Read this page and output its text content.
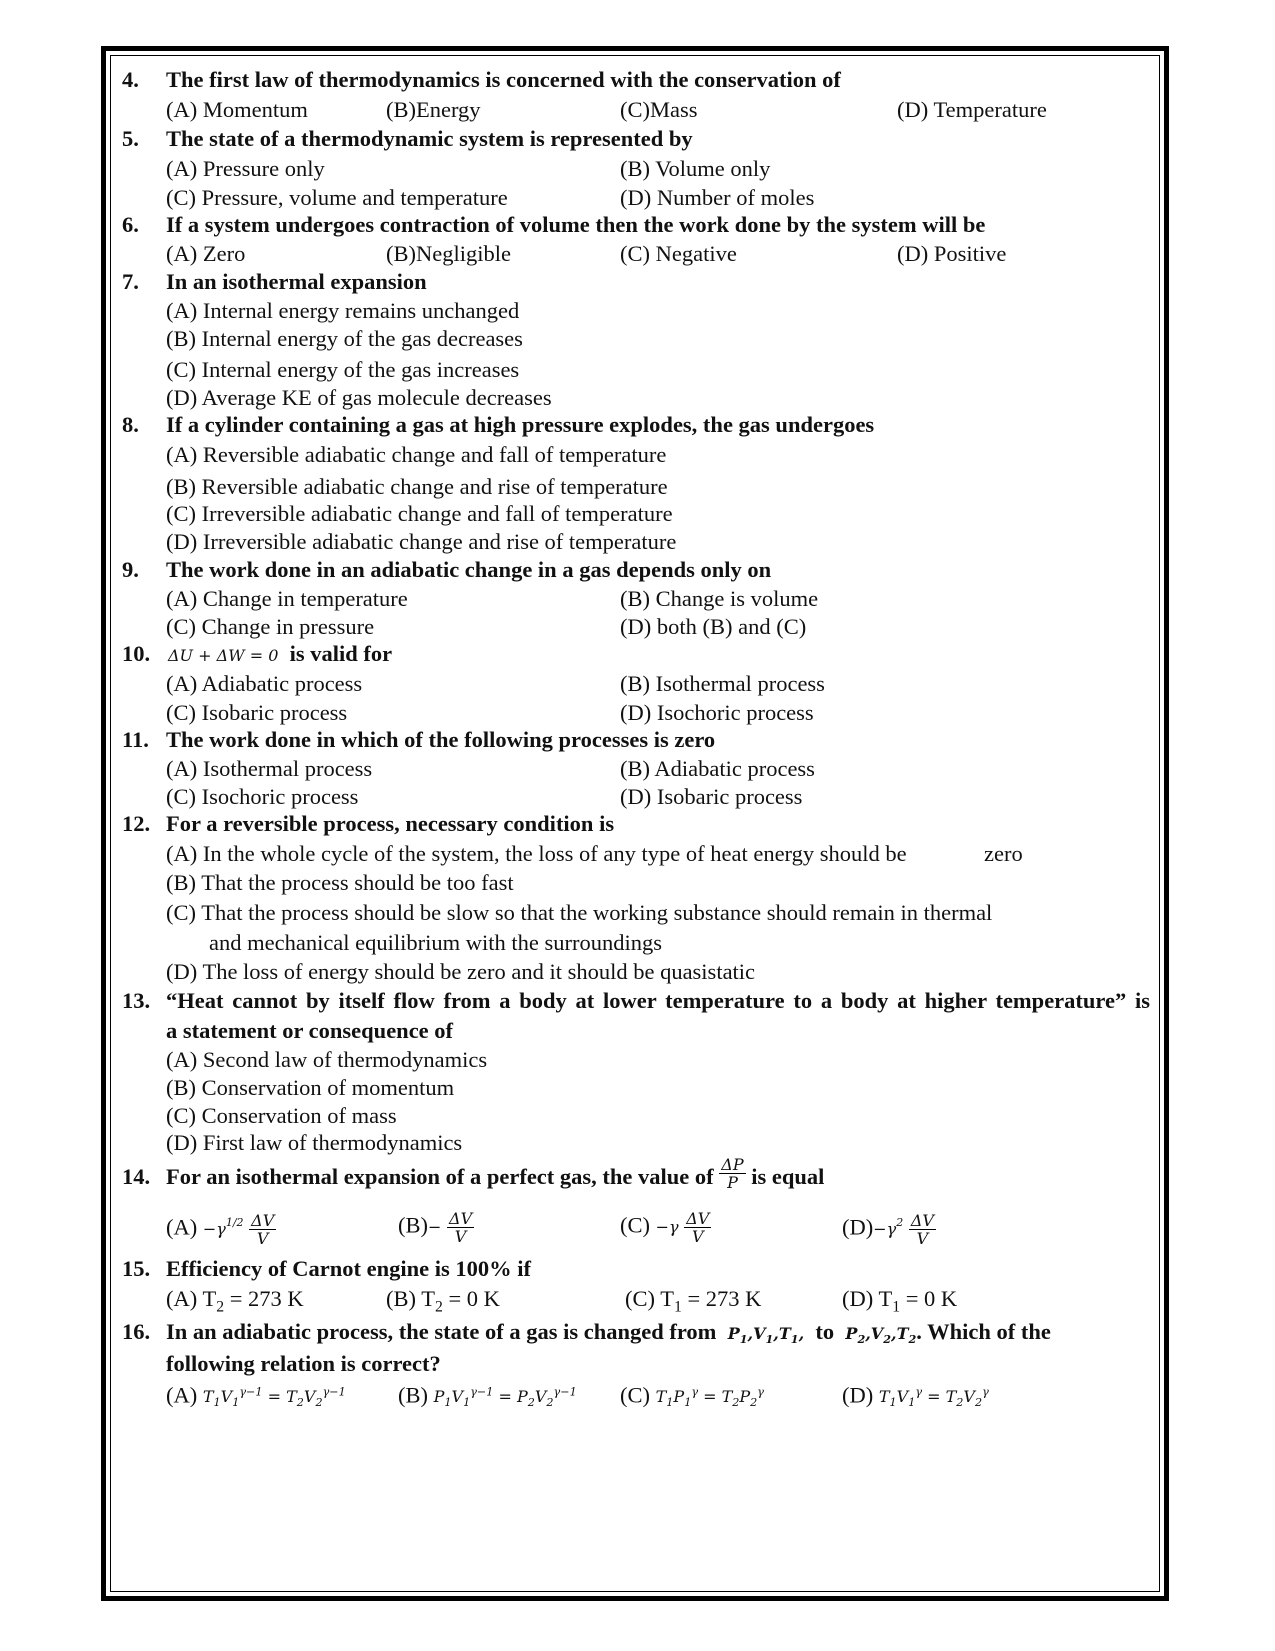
4. The first law of thermodynamics is concerned with the conservation of
(A) Momentum	(B)Energy	(C)Mass	(D) Temperature
5. The state of a thermodynamic system is represented by
(A) Pressure only	(B) Volume only
(C) Pressure, volume and temperature	(D) Number of moles
6. If a system undergoes contraction of volume then the work done by the system will be
(A) Zero	(B)Negligible	(C) Negative	(D) Positive
7. In an isothermal expansion
(A) Internal energy remains unchanged
(B) Internal energy of the gas decreases
(C) Internal energy of the gas increases
(D) Average KE of gas molecule decreases
8. If a cylinder containing a gas at high pressure explodes, the gas undergoes
(A) Reversible adiabatic change and fall of temperature
(B) Reversible adiabatic change and rise of temperature
(C) Irreversible adiabatic change and fall of temperature
(D) Irreversible adiabatic change and rise of temperature
9. The work done in an adiabatic change in a gas depends only on
(A) Change in temperature	(B) Change is volume
(C) Change in pressure	(D) both (B) and (C)
10. ΔU + ΔW = 0 is valid for
(A) Adiabatic process	(B) Isothermal process
(C) Isobaric process	(D) Isochoric process
11. The work done in which of the following processes is zero
(A) Isothermal process	(B) Adiabatic process
(C) Isochoric process	(D) Isobaric process
12. For a reversible process, necessary condition is
(A) In the whole cycle of the system, the loss of any type of heat energy should be	zero
(B) That the process should be too fast
(C) That the process should be slow so that the working substance should remain in thermal
and mechanical equilibrium with the surroundings
(D) The loss of energy should be zero and it should be quasistatic
13. “Heat cannot by itself flow from a body at lower temperature to a body at higher temperature” is
a statement or consequence of
(A) Second law of thermodynamics
(B) Conservation of momentum
(C) Conservation of mass
(D) First law of thermodynamics
14. For an isothermal expansion of a perfect gas, the value of $\frac{\Delta P}{P}$ is equal
$(A) -\gamma^{1/2} \frac{\Delta V}{V}$	$(B)- \frac{\Delta V}{V}$	$(C) -\gamma \frac{\Delta V}{V}$	$(D)-\gamma^2 \frac{\Delta V}{V}$
15. Efficiency of Carnot engine is 100% if
(A) $T_2 = 273$ K	(B) $T_2 = 0$ K	(C) $T_1 = 273$ K	(D) $T_1 = 0$ K
16. In an adiabatic process, the state of a gas is changed from $P_1,V_1,T_1$, to $P_2,V_2,T_2$. Which of the
following relation is correct?
(A) $T_1V_1^{\gamma-1} = T_2V_2^{\gamma-1}$ (B) $P_1V_1^{\gamma-1} = P_2V_2^{\gamma-1}$ (C) $T_1P_1^\gamma = T_2P_2^\gamma$	(D) $T_1V_1^\gamma = T_2V_2^\gamma$
